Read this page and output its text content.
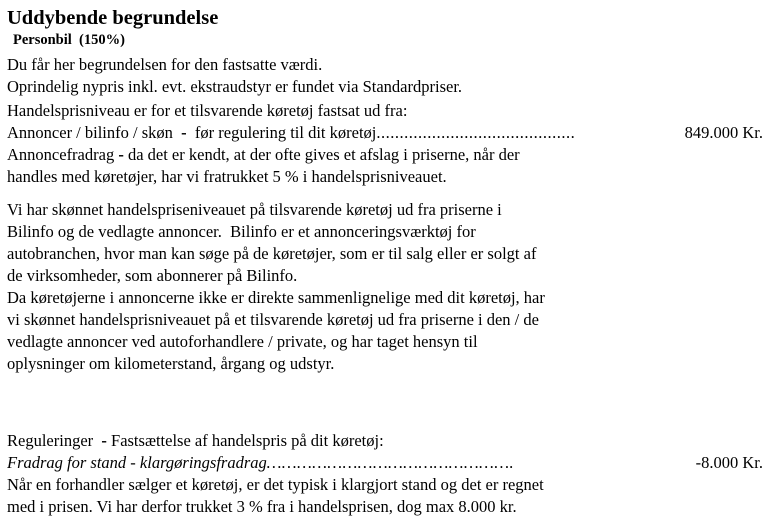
Uddybende begrundelse
Personbil  (150%)
Du får her begrundelsen for den fastsatte værdi.
Oprindelig nypris inkl. evt. ekstraudstyr er fundet via Standardpriser.
Handelsprisniveau er for et tilsvarende køretøj fastsat ud fra:
Annoncer / bilinfo / skøn  -  før regulering til dit køretøj...........................................	849.000 Kr.
Annoncefradrag - da det er kendt, at der ofte gives et afslag i priserne, når der
handles med køretøjer, har vi fratrukket 5 % i handelsprisniveauet.
Vi har skønnet handelspriseniveauet på tilsvarende køretøj ud fra priserne i
Bilinfo og de vedlagte annoncer.  Bilinfo er et annonceringsværktøj for
autobranchen, hvor man kan søge på de køretøjer, som er til salg eller er solgt af
de virksomheder, som abonnerer på Bilinfo.
Da køretøjerne i annoncerne ikke er direkte sammenlignelige med dit køretøj, har
vi skønnet handelsprisniveauet på et tilsvarende køretøj ud fra priserne i den / de
vedlagte annoncer ved autoforhandlere / private, og har taget hensyn til
oplysninger om kilometerstand, årgang og udstyr.
Reguleringer  - Fastsættelse af handelspris på dit køretøj:
Fradrag for stand - klargøringsfradrag………………………………………….	-8.000 Kr.
Når en forhandler sælger et køretøj, er det typisk i klargjort stand og det er regnet
med i prisen. Vi har derfor trukket 3 % fra i handelsprisen, dog max 8.000 kr.
